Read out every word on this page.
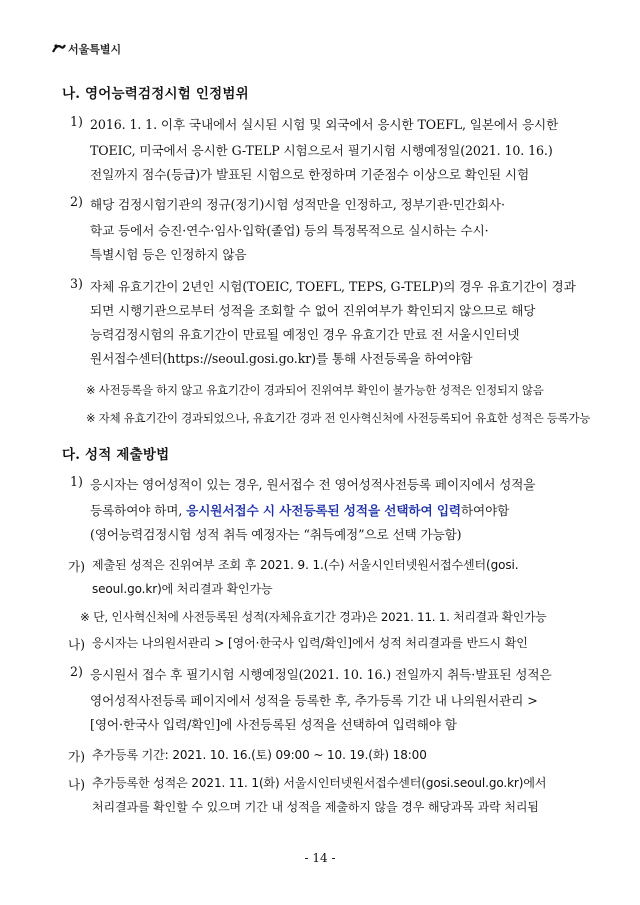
서울특별시
나. 영어능력검정시험 인정범위
1) 2016. 1. 1. 이후 국내에서 실시된 시험 및 외국에서 응시한 TOEFL, 일본에서 응시한
TOEIC, 미국에서 응시한 G-TELP 시험으로서 필기시험 시행예정일(2021. 10. 16.)
전일까지 점수(등급)가 발표된 시험으로 한정하며 기준점수 이상으로 확인된 시험
2) 해당 검정시험기관의 정규(정기)시험 성적만을 인정하고, 정부기관·민간회사·
학교 등에서 승진·연수·임사·입학(졸업) 등의 특정목적으로 실시하는 수시·
특별시험 등은 인정하지 않음
3) 자체 유효기간이 2년인 시험(TOEIC, TOEFL, TEPS, G-TELP)의 경우 유효기간이 경과
되면 시행기관으로부터 성적을 조회할 수 없어 진위여부가 확인되지 않으므로 해당
능력검정시험의 유효기간이 만료될 예정인 경우 유효기간 만료 전 서울시인터넷
원서접수센터(https://seoul.gosi.go.kr)를 통해 사전등록을 하여야함
※ 사전등록을 하지 않고 유효기간이 경과되어 진위여부 확인이 불가능한 성적은 인정되지 않음
※ 자체 유효기간이 경과되었으나, 유효기간 경과 전 인사혁신처에 사전등록되어 유효한 성적은 등록가능
다. 성적 제출방법
1) 응시자는 영어성적이 있는 경우, 원서접수 전 영어성적사전등록 페이지에서 성적을
등록하여야 하며, 응시원서접수 시 사전등록된 성적을 선택하여 입력하여야함
(영어능력검정시험 성적 취득 예정자는 “취득예정”으로 선택 가능함)
가) 제출된 성적은 진위여부 조회 후 2021. 9. 1.(수) 서울시인터넷원서접수센터(gosi.
seoul.go.kr)에 처리결과 확인가능
※ 단, 인사혁신처에 사전등록된 성적(자체유효기간 경과)은 2021. 11. 1. 처리결과 확인가능
나) 응시자는 나의원서관리 > [영어·한국사 입력/확인]에서 성적 처리결과를 반드시 확인
2) 응시원서 접수 후 필기시험 시행예정일(2021. 10. 16.) 전일까지 취득·발표된 성적은
영어성적사전등록 페이지에서 성적을 등록한 후, 추가등록 기간 내 나의원서관리 >
[영어·한국사 입력/확인]에 사전등록된 성적을 선택하여 입력해야 함
가) 추가등록 기간: 2021. 10. 16.(토) 09:00 ~ 10. 19.(화) 18:00
나) 추가등록한 성적은 2021. 11. 1(화) 서울시인터넷원서접수센터(gosi.seoul.go.kr)에서
처리결과를 확인할 수 있으며 기간 내 성적을 제출하지 않을 경우 해당과목 과락 처리됨
- 14 -
